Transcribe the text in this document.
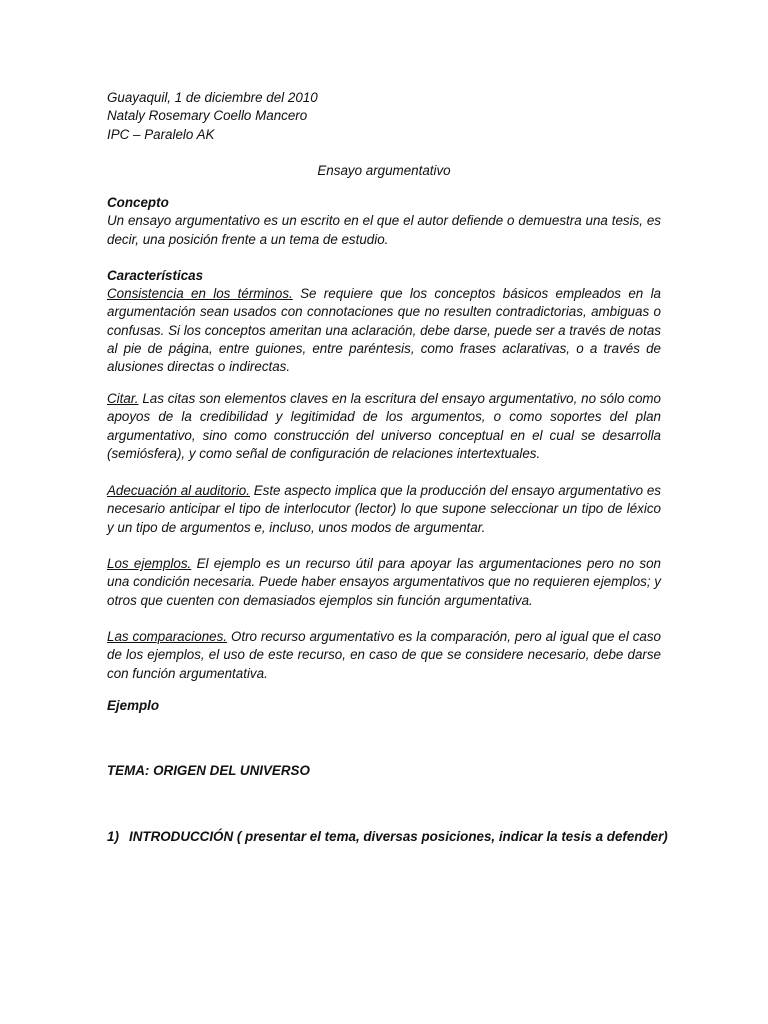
Guayaquil, 1 de diciembre del 2010
Nataly Rosemary Coello Mancero
IPC – Paralelo AK
Ensayo argumentativo
Concepto
Un ensayo argumentativo es un escrito en el que el autor defiende o demuestra una tesis, es decir, una posición frente a un tema de estudio.
Características
Consistencia en los términos. Se requiere que los conceptos básicos empleados en la argumentación sean usados con connotaciones que no resulten contradictorias, ambiguas o confusas. Si los conceptos ameritan una aclaración, debe darse, puede ser a través de notas al pie de página, entre guiones, entre paréntesis, como frases aclarativas, o a través de alusiones directas o indirectas.
Citar. Las citas son elementos claves en la escritura del ensayo argumentativo, no sólo como apoyos de la credibilidad y legitimidad de los argumentos, o como soportes del plan argumentativo, sino como construcción del universo conceptual en el cual se desarrolla (semiósfera), y como señal de configuración de relaciones intertextuales.
Adecuación al auditorio. Este aspecto implica que la producción del ensayo argumentativo es necesario anticipar el tipo de interlocutor (lector) lo que supone seleccionar un tipo de léxico y un tipo de argumentos e, incluso, unos modos de argumentar.
Los ejemplos. El ejemplo es un recurso útil para apoyar las argumentaciones pero no son una condición necesaria. Puede haber ensayos argumentativos que no requieren ejemplos; y otros que cuenten con demasiados ejemplos sin función argumentativa.
Las comparaciones. Otro recurso argumentativo es la comparación, pero al igual que el caso de los ejemplos, el uso de este recurso, en caso de que se considere necesario, debe darse con función argumentativa.
Ejemplo
TEMA: ORIGEN DEL UNIVERSO
1) INTRODUCCIÓN ( presentar el tema, diversas posiciones, indicar la tesis a defender)
